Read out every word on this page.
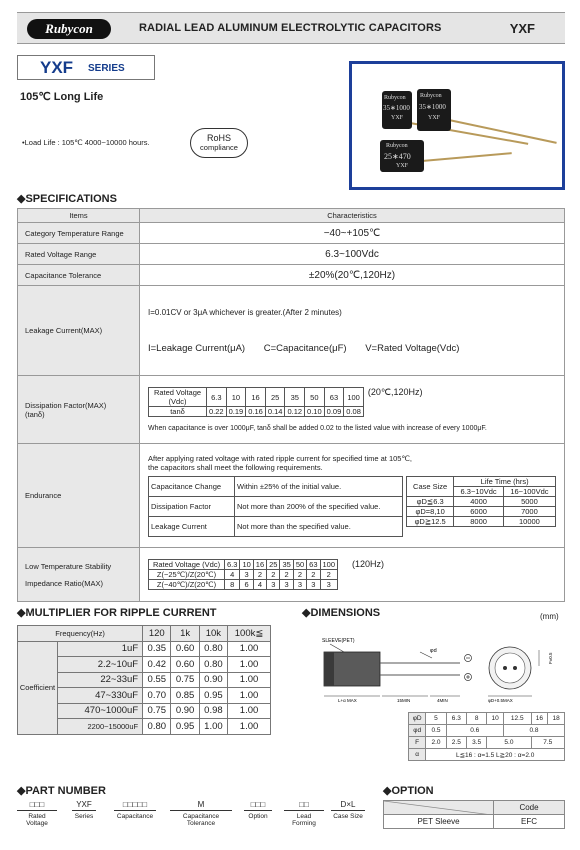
Rubycon	RADIAL LEAD ALUMINUM ELECTROLYTIC CAPACITORS	YXF
YXF SERIES
105℃ Long Life
•Load Life : 105℃ 4000~10000 hours.	RoHS
compliance
Rubycon
35∗1000
YXF
Rubycon
35∗1000
YXF
Rubycon
25∗470
YXF
◆SPECIFICATIONS
Items	Characteristics
Category Temperature Range	−40~+105℃
Rated Voltage Range	6.3~100Vdc
Capacitance Tolerance	±20%(20℃,120Hz)
Leakage Current(MAX)	
I=0.01CV or 3μA whichever is greater.(After 2 minutes)
I=Leakage Current(μA) C=Capacitance(μF) V=Rated Voltage(Vdc)

Dissipation Factor(MAX)
(tanδ)

Rated Voltage (Vdc)	6.3	10	16	25	35	50	63	100
tanδ	0.22	0.19	0.16	0.14	0.12	0.10	0.09	0.08
(20℃,120Hz)
When capacitance is over 1000μF, tanδ shall be added 0.02 to the listed value with increase of every 1000μF.

Endurance	
After applying rated voltage with rated ripple current for specified time at 105℃,
the capacitors shall meet the following requirements.
Capacitance Change	Within ±25% of the initial value.
Dissipation Factor	Not more than 200% of the specified value.
Leakage Current	Not more than the specified value.
Case Size	Life Time (hrs)
6.3~10Vdc	16~100Vdc
φD≦6.3	4000	5000
φD=8,10	6000	7000
φD≧12.5	8000	10000

Low Temperature Stability
Impedance Ratio(MAX)

Rated Voltage (Vdc)	6.3	10	16	25	35	50	63	100
Z(−25℃)/Z(20℃)	4	3	2	2	2	2	2	2
Z(−40℃)/Z(20℃)	8	6	4	3	3	3	3	3
(120Hz)
◆MULTIPLIER FOR RIPPLE CURRENT
Frequency(Hz)		120	1k	10k	100k≦
Coefficient	1uF	0.35	0.60	0.80	1.00
	2.2~10uF	0.42	0.60	0.80	1.00
	22~33uF	0.55	0.75	0.90	1.00
	47~330uF	0.70	0.85	0.95	1.00
	470~1000uF	0.75	0.90	0.98	1.00
	2200~15000uF	0.80	0.95	1.00	1.00
◆DIMENSIONS	(mm)
SLEEVE(PET)
φd
L+α MAX	15MIN	4MIN	φD+0.5MAX
F±0.5
φD	5	6.3	8	10	12.5	16	18
φd	0.5	0.6			0.8		
F	2.0	2.5	3.5	5.0		7.5	
α	L≦16 : α=1.5 L≧20 : α=2.0						
◆PART NUMBER
□□□
Rated Voltage
YXF
Series
□□□□□
Capacitance
M
Capacitance Tolerance
□□□
Option
□□
Lead Forming
D×L
Case Size
◆OPTION
	Code
PET Sleeve	EFC
